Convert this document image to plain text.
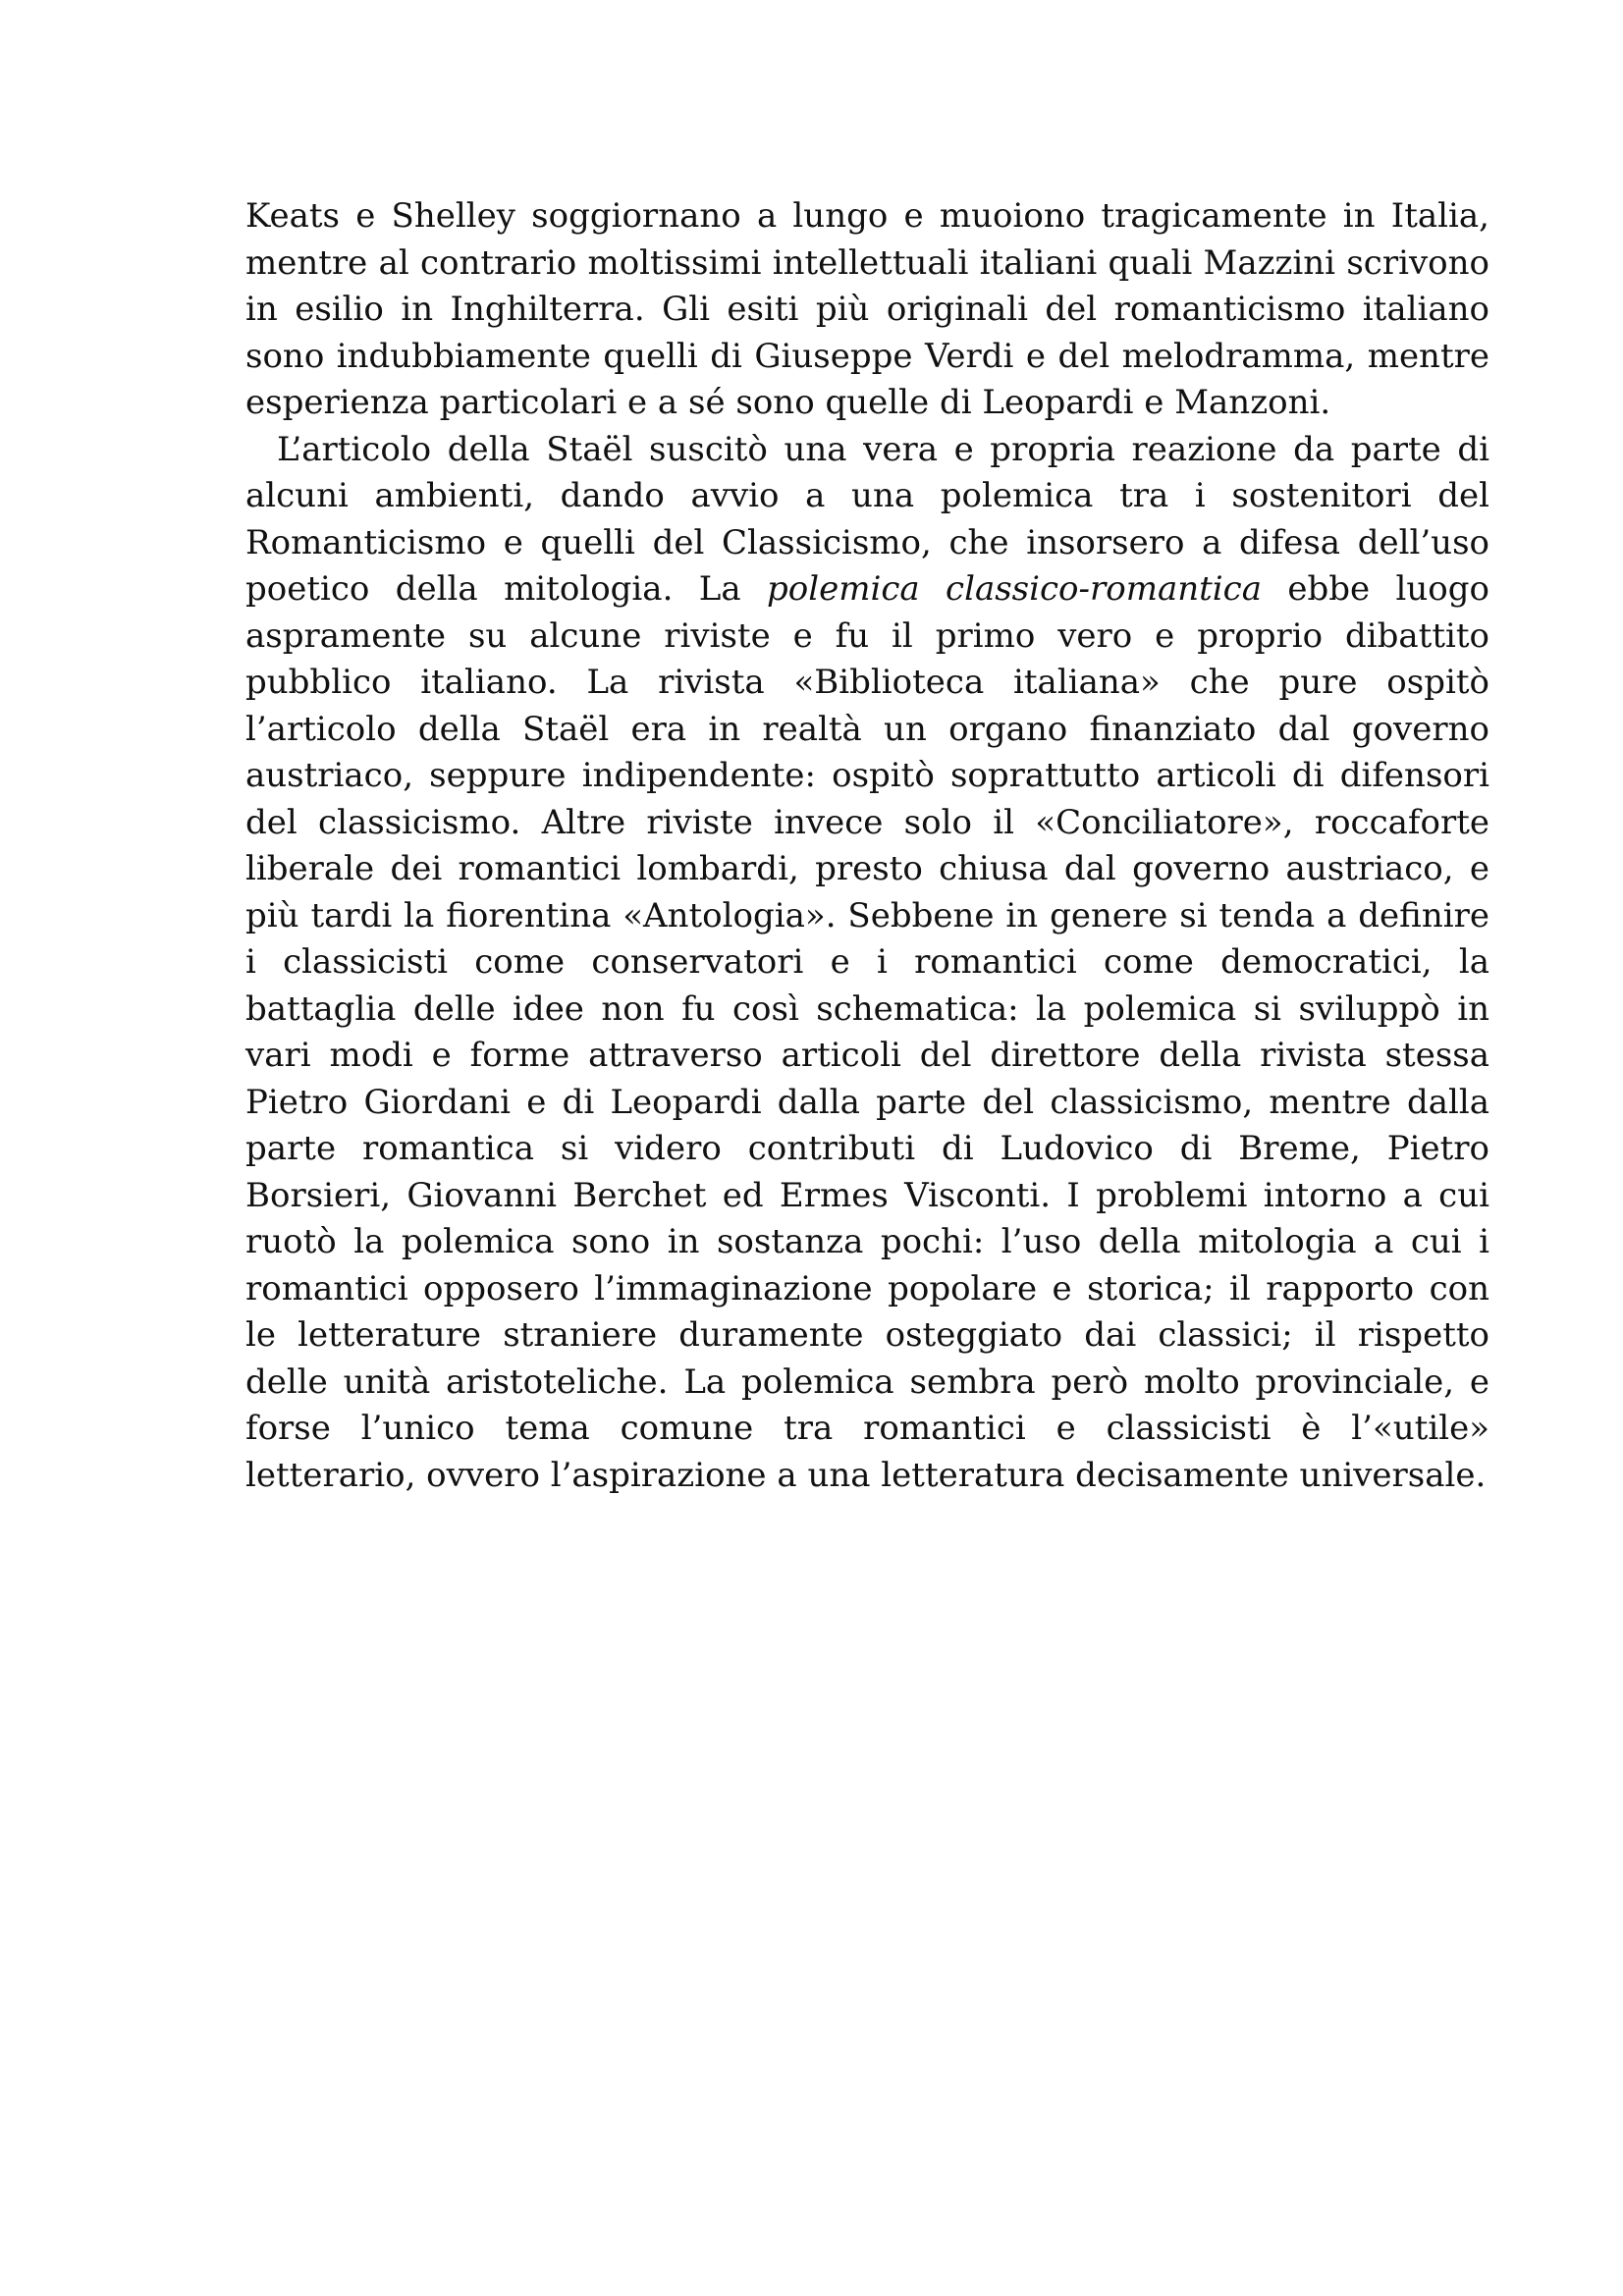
Keats e Shelley soggiornano a lungo e muoiono tragicamente in Italia, mentre al contrario moltissimi intellettuali italiani quali Mazzini scrivono in esilio in Inghilterra. Gli esiti più originali del romanticismo italiano sono indubbiamente quelli di Giuseppe Verdi e del melodramma, mentre esperienza particolari e a sé sono quelle di Leopardi e Manzoni.

L’articolo della Staël suscitò una vera e propria reazione da parte di alcuni ambienti, dando avvio a una polemica tra i sostenitori del Romanticismo e quelli del Classicismo, che insorsero a difesa dell’uso poetico della mitologia. La polemica classico-romantica ebbe luogo aspramente su alcune riviste e fu il primo vero e proprio dibattito pubblico italiano. La rivista «Biblioteca italiana» che pure ospitò l’articolo della Staël era in realtà un organo finanziato dal governo austriaco, seppure indipendente: ospitò soprattutto articoli di difensori del classicismo. Altre riviste invece solo il «Conciliatore», roccaforte liberale dei romantici lombardi, presto chiusa dal governo austriaco, e più tardi la fiorentina «Antologia». Sebbene in genere si tenda a definire i classicisti come conservatori e i romantici come democratici, la battaglia delle idee non fu così schematica: la polemica si sviluppò in vari modi e forme attraverso articoli del direttore della rivista stessa Pietro Giordani e di Leopardi dalla parte del classicismo, mentre dalla parte romantica si videro contributi di Ludovico di Breme, Pietro Borsieri, Giovanni Berchet ed Ermes Visconti. I problemi intorno a cui ruotò la polemica sono in sostanza pochi: l’uso della mitologia a cui i romantici opposero l’immaginazione popolare e storica; il rapporto con le letterature straniere duramente osteggiato dai classici; il rispetto delle unità aristoteliche. La polemica sembra però molto provinciale, e forse l’unico tema comune tra romantici e classicisti è l’«utile» letterario, ovvero l’aspirazione a una letteratura decisamente universale.
